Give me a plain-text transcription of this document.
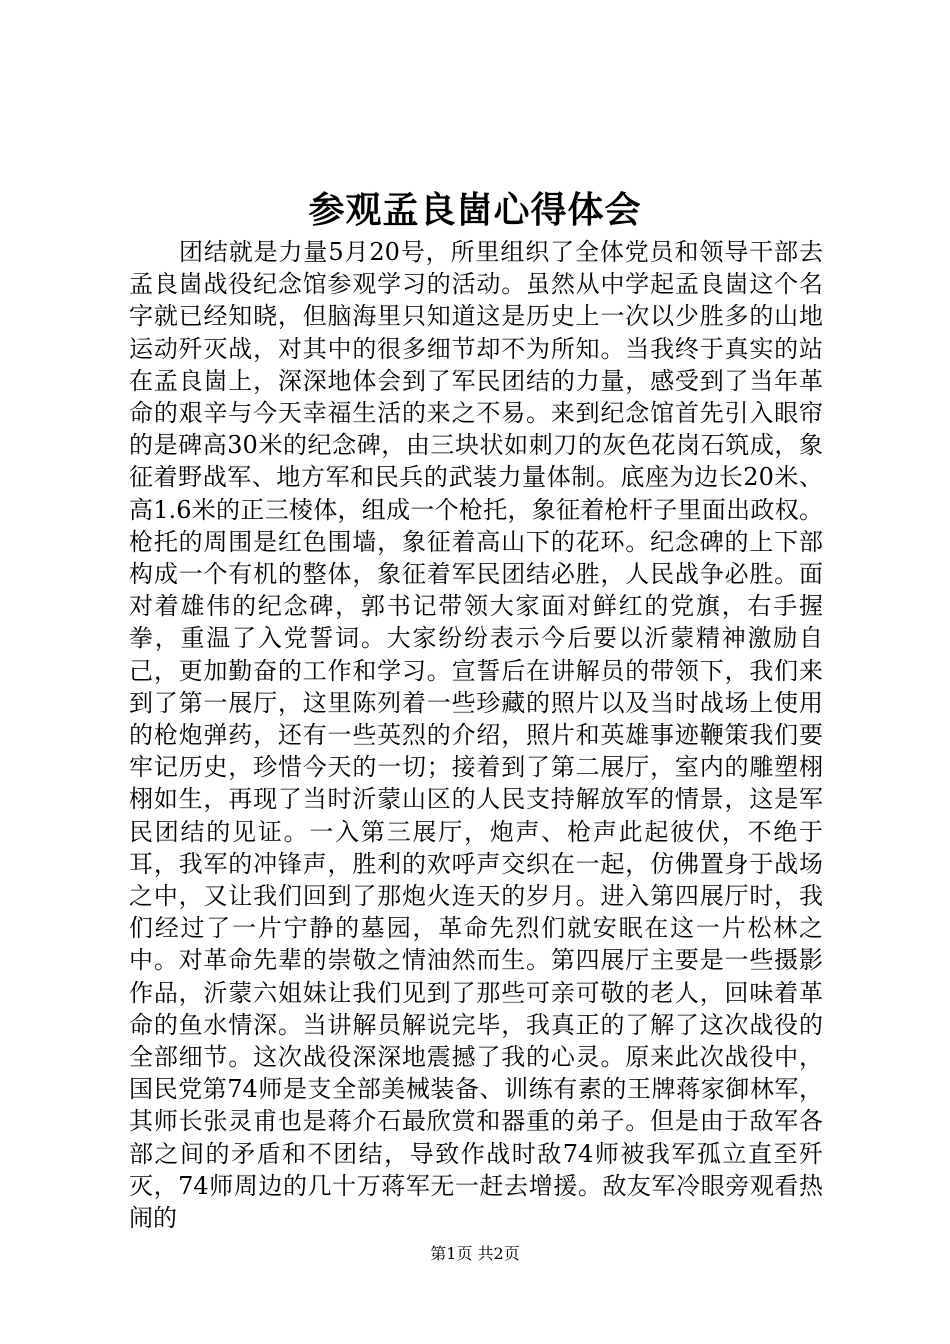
参观孟良崮心得体会

团结就是力量5月20号，所里组织了全体党员和领导干部去孟良崮战役纪念馆参观学习的活动。虽然从中学起孟良崮这个名字就已经知晓，但脑海里只知道这是历史上一次以少胜多的山地运动歼灭战，对其中的很多细节却不为所知。当我终于真实的站在孟良崮上，深深地体会到了军民团结的力量，感受到了当年革命的艰辛与今天幸福生活的来之不易。来到纪念馆首先引入眼帘的是碑高30米的纪念碑，由三块状如刺刀的灰色花岗石筑成，象征着野战军、地方军和民兵的武装力量体制。底座为边长20米、高1.6米的正三棱体，组成一个枪托，象征着枪杆子里面出政权。枪托的周围是红色围墙，象征着高山下的花环。纪念碑的上下部构成一个有机的整体，象征着军民团结必胜，人民战争必胜。面对着雄伟的纪念碑，郭书记带领大家面对鲜红的党旗，右手握拳，重温了入党誓词。大家纷纷表示今后要以沂蒙精神激励自己，更加勤奋的工作和学习。宣誓后在讲解员的带领下，我们来到了第一展厅，这里陈列着一些珍藏的照片以及当时战场上使用的枪炮弹药，还有一些英烈的介绍，照片和英雄事迹鞭策我们要牢记历史，珍惜今天的一切；接着到了第二展厅，室内的雕塑栩栩如生，再现了当时沂蒙山区的人民支持解放军的情景，这是军民团结的见证。一入第三展厅，炮声、枪声此起彼伏，不绝于耳，我军的冲锋声，胜利的欢呼声交织在一起，仿佛置身于战场之中，又让我们回到了那炮火连天的岁月。进入第四展厅时，我们经过了一片宁静的墓园，革命先烈们就安眠在这一片松林之中。对革命先辈的崇敬之情油然而生。第四展厅主要是一些摄影作品，沂蒙六姐妹让我们见到了那些可亲可敬的老人，回味着革命的鱼水情深。当讲解员解说完毕，我真正的了解了这次战役的全部细节。这次战役深深地震撼了我的心灵。原来此次战役中，国民党第74师是支全部美械装备、训练有素的王牌蒋家御林军，其师长张灵甫也是蒋介石最欣赏和器重的弟子。但是由于敌军各部之间的矛盾和不团结，导致作战时敌74师被我军孤立直至歼灭，74师周边的几十万蒋军无一赶去增援。敌友军冷眼旁观看热闹的

第1页 共2页
